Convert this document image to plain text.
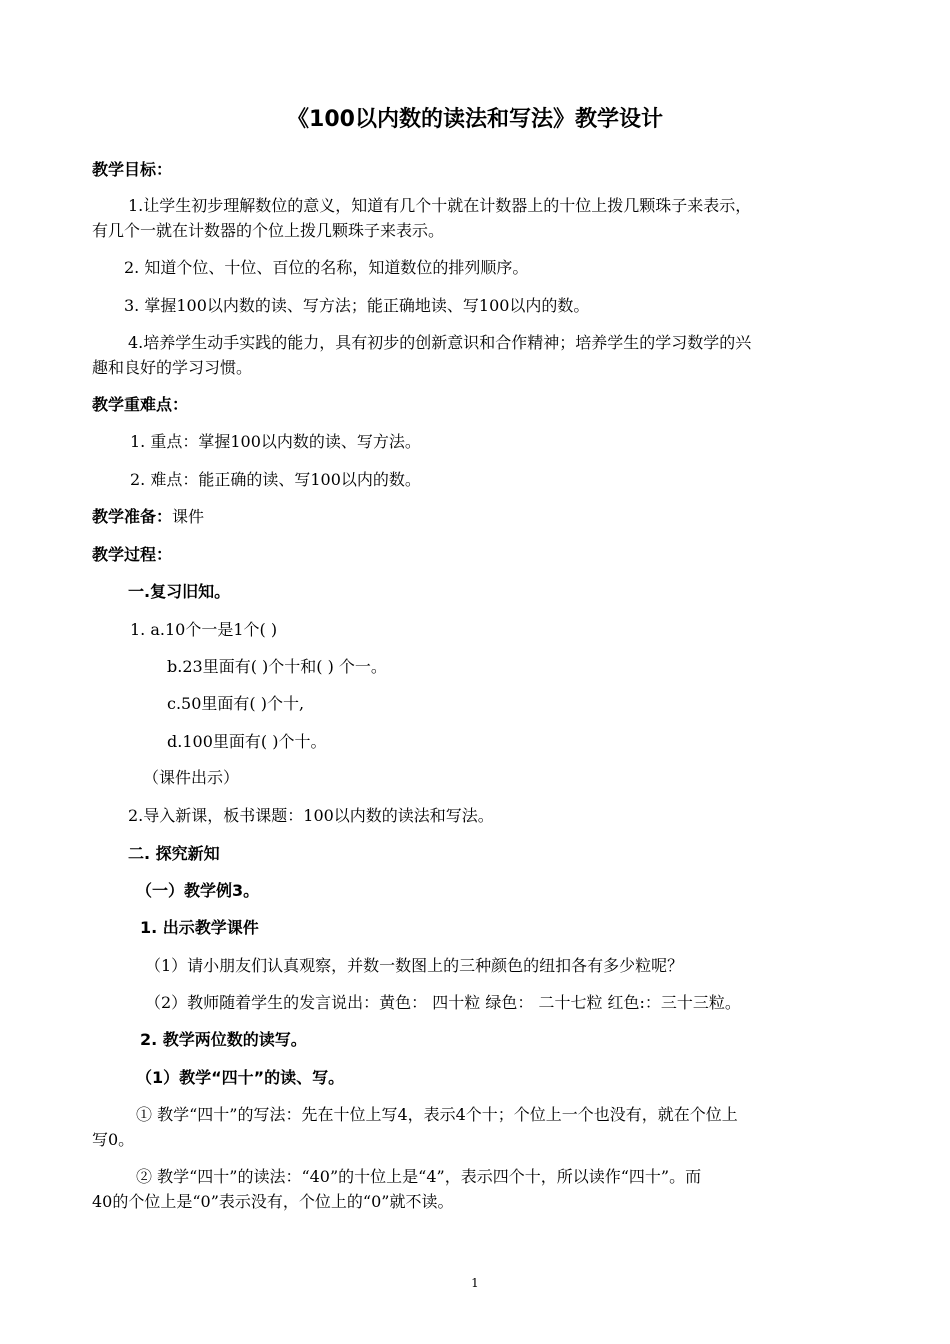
《100以内数的读法和写法》教学设计
教学目标：
1.让学生初步理解数位的意义，知道有几个十就在计数器上的十位上拨几颗珠子来表示，
有几个一就在计数器的个位上拨几颗珠子来表示。
2. 知道个位、十位、百位的名称，知道数位的排列顺序。
3. 掌握100以内数的读、写方法；能正确地读、写100以内的数。
4.培养学生动手实践的能力，具有初步的创新意识和合作精神；培养学生的学习数学的兴
趣和良好的学习习惯。
教学重难点：
1. 重点：掌握100以内数的读、写方法。
2. 难点：能正确的读、写100以内的数。
教学准备：课件
教学过程：
一.复习旧知。
1. a.10个一是1个( )
b.23里面有( )个十和( ) 个一。
c.50里面有( )个十,
d.100里面有( )个十。
（课件出示）
2.导入新课，板书课题：100以内数的读法和写法。
二. 探究新知
（一）教学例3。
1. 出示教学课件
（1）请小朋友们认真观察，并数一数图上的三种颜色的纽扣各有多少粒呢？
（2）教师随着学生的发言说出：黄色： 四十粒 绿色： 二十七粒 红色:：三十三粒。
2. 教学两位数的读写。
（1）教学“四十”的读、写。
① 教学“四十”的写法：先在十位上写4，表示4个十；个位上一个也没有，就在个位上
写0。
② 教学“四十”的读法：“40”的十位上是“4”，表示四个十，所以读作“四十”。而
40的个位上是“0”表示没有，个位上的“0”就不读。
1
